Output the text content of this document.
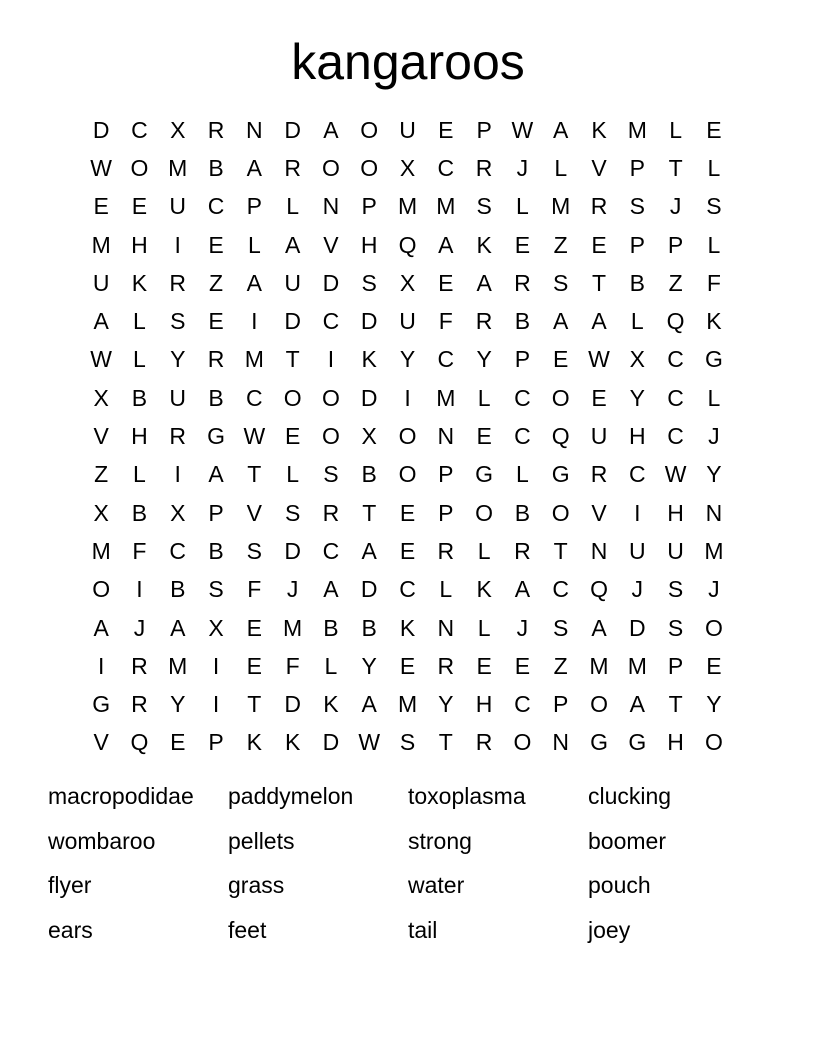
kangaroos
D C X R N D A O U E P W A K M L	E
W O M B A R O O X C R	J	L	V P	T	L
E E U C P	L	N P M M S	L M R S	J	S
M H	I	E	L	A V H Q A K E	Z	E P P	L
U K R Z	A U D S X E A R S	T	B	Z	F
A	L	S E	I	D C D U F R B A A	L Q K
W L	Y R M T	I	K Y C Y P E W X C G
X B U B C O O D	I	M L	C O E Y C	L
V H R G W E O X O N E C Q U H C	J
Z	L	I	A	T	L	S B O P G L G R C W Y
X B X P V S R T	E P O B O V	I	H N
M F C B S D C A E R	L	R T N U U M
O	I	B S	F	J	A D C	L	K A C Q	J	S	J
A	J	A X E M B B K N	L	J	S A D S O
I	R M	I	E	F	L	Y E R E E	Z M M P E
G R Y	I	T D K A M Y H C P O A	T	Y
V Q E P K K D W S	T R O N G G H O
macropodidae	paddymelon	toxoplasma	clucking
wombaroo	pellets	strong	boomer
flyer	grass	water	pouch
ears	feet	tail	joey
